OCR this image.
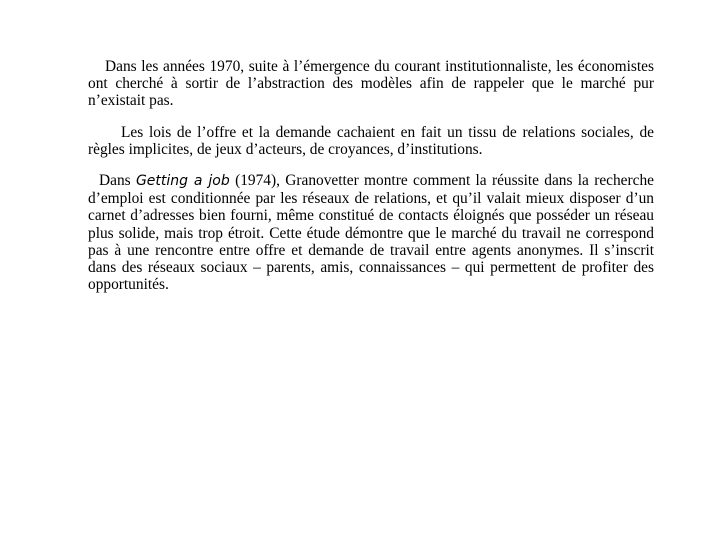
Dans les années 1970, suite à l’émergence du courant institutionnaliste, les économistes ont cherché à sortir de l’abstraction des modèles afin de rappeler que le marché pur n’existait pas.

Les lois de l’offre et la demande cachaient en fait un tissu de relations sociales, de règles implicites, de jeux d’acteurs, de croyances, d’institutions.

Dans Getting a job (1974), Granovetter montre comment la réussite dans la recherche d’emploi est conditionnée par les réseaux de relations, et qu’il valait mieux disposer d’un carnet d’adresses bien fourni, même constitué de contacts éloignés que posséder un réseau plus solide, mais trop étroit. Cette étude démontre que le marché du travail ne correspond pas à une rencontre entre offre et demande de travail entre agents anonymes. Il s’inscrit dans des réseaux sociaux – parents, amis, connaissances – qui permettent de profiter des opportunités.
